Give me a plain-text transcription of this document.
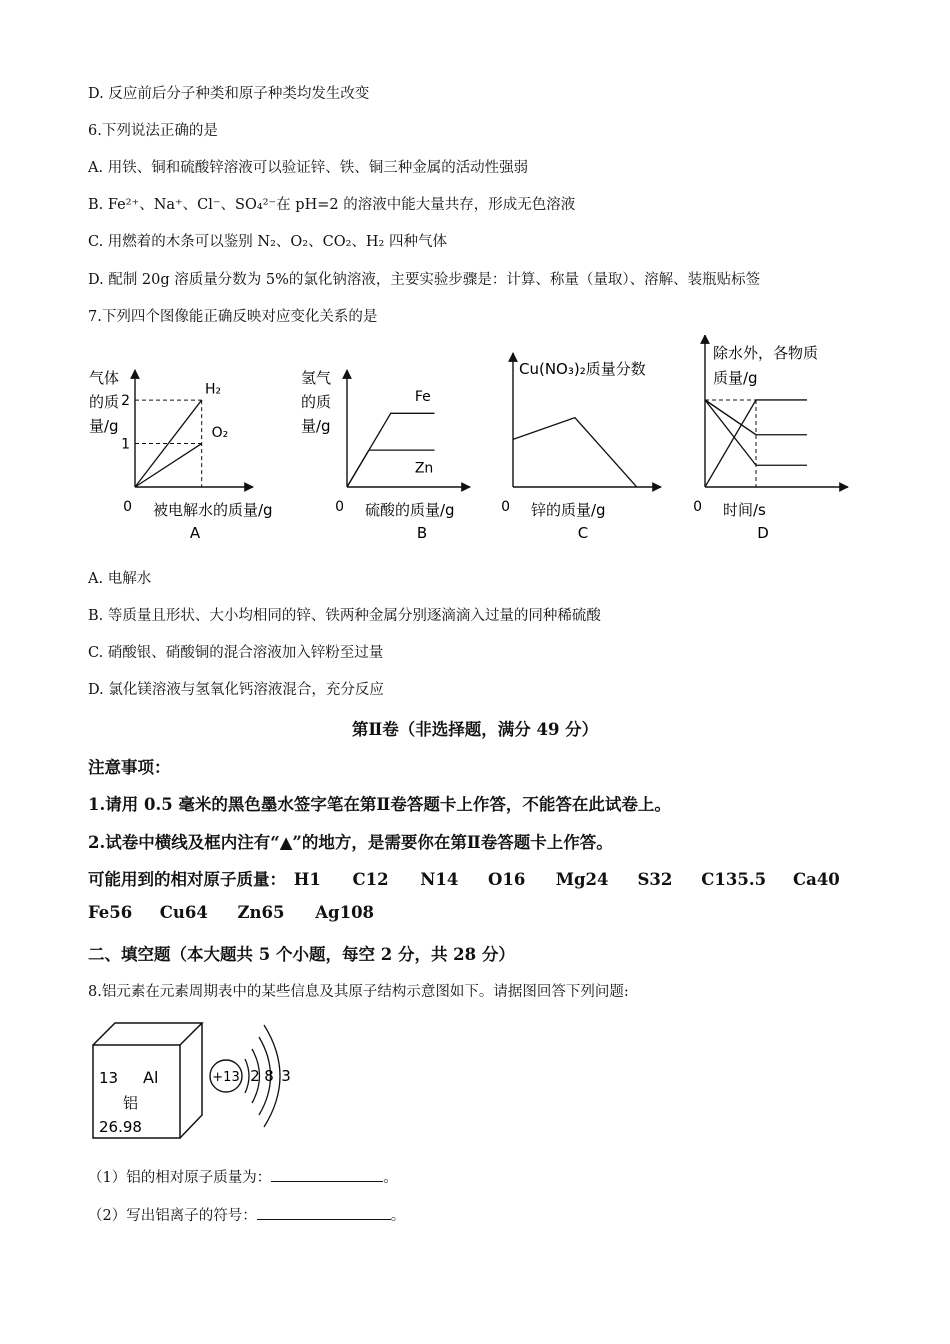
D. 反应前后分子种类和原子种类均发生改变
6.下列说法正确的是
A. 用铁、铜和硫酸锌溶液可以验证锌、铁、铜三种金属的活动性强弱
B. Fe²⁺、Na⁺、Cl⁻、SO₄²⁻在 pH=2 的溶液中能大量共存，形成无色溶液
C. 用燃着的木条可以鉴别 N₂、O₂、CO₂、H₂ 四种气体
D. 配制 20g 溶质量分数为 5%的氯化钠溶液，主要实验步骤是：计算、称量（量取）、溶解、装瓶贴标签
7.下列四个图像能正确反映对应变化关系的是
0 被电解水的质量/g
气体
的质
量/g
A
1
2
H₂
O₂
0 硫酸的质量/g
氢气
的质
量/g
B
Fe
Zn
0 锌的质量/g
Cu(NO₃)₂质量分数
C
0 时间/s
除水外，各物质
质量/g
D
A. 电解水
B. 等质量且形状、大小均相同的锌、铁两种金属分别逐滴滴入过量的同种稀硫酸
C. 硝酸银、硝酸铜的混合溶液加入锌粉至过量
D. 氯化镁溶液与氢氧化钙溶液混合，充分反应
第Ⅱ卷（非选择题，满分 49 分）
注意事项：
1.请用 0.5 毫米的黑色墨水签字笔在第Ⅱ卷答题卡上作答，不能答在此试卷上。
2.试卷中横线及框内注有“▲”的地方，是需要你在第Ⅱ卷答题卡上作答。
可能用到的相对原子质量： H1 C12 N14 O16 Mg24 S32 C135.5 Ca40
Fe56 Cu64 Zn65 Ag108
二、填空题（本大题共 5 个小题，每空 2 分，共 28 分）
8.铝元素在元素周期表中的某些信息及其原子结构示意图如下。请据图回答下列问题:
13 Al
铝
26.98
+13 2 8 3
（1）铝的相对原子质量为：	。
（2）写出铝离子的符号：	。
